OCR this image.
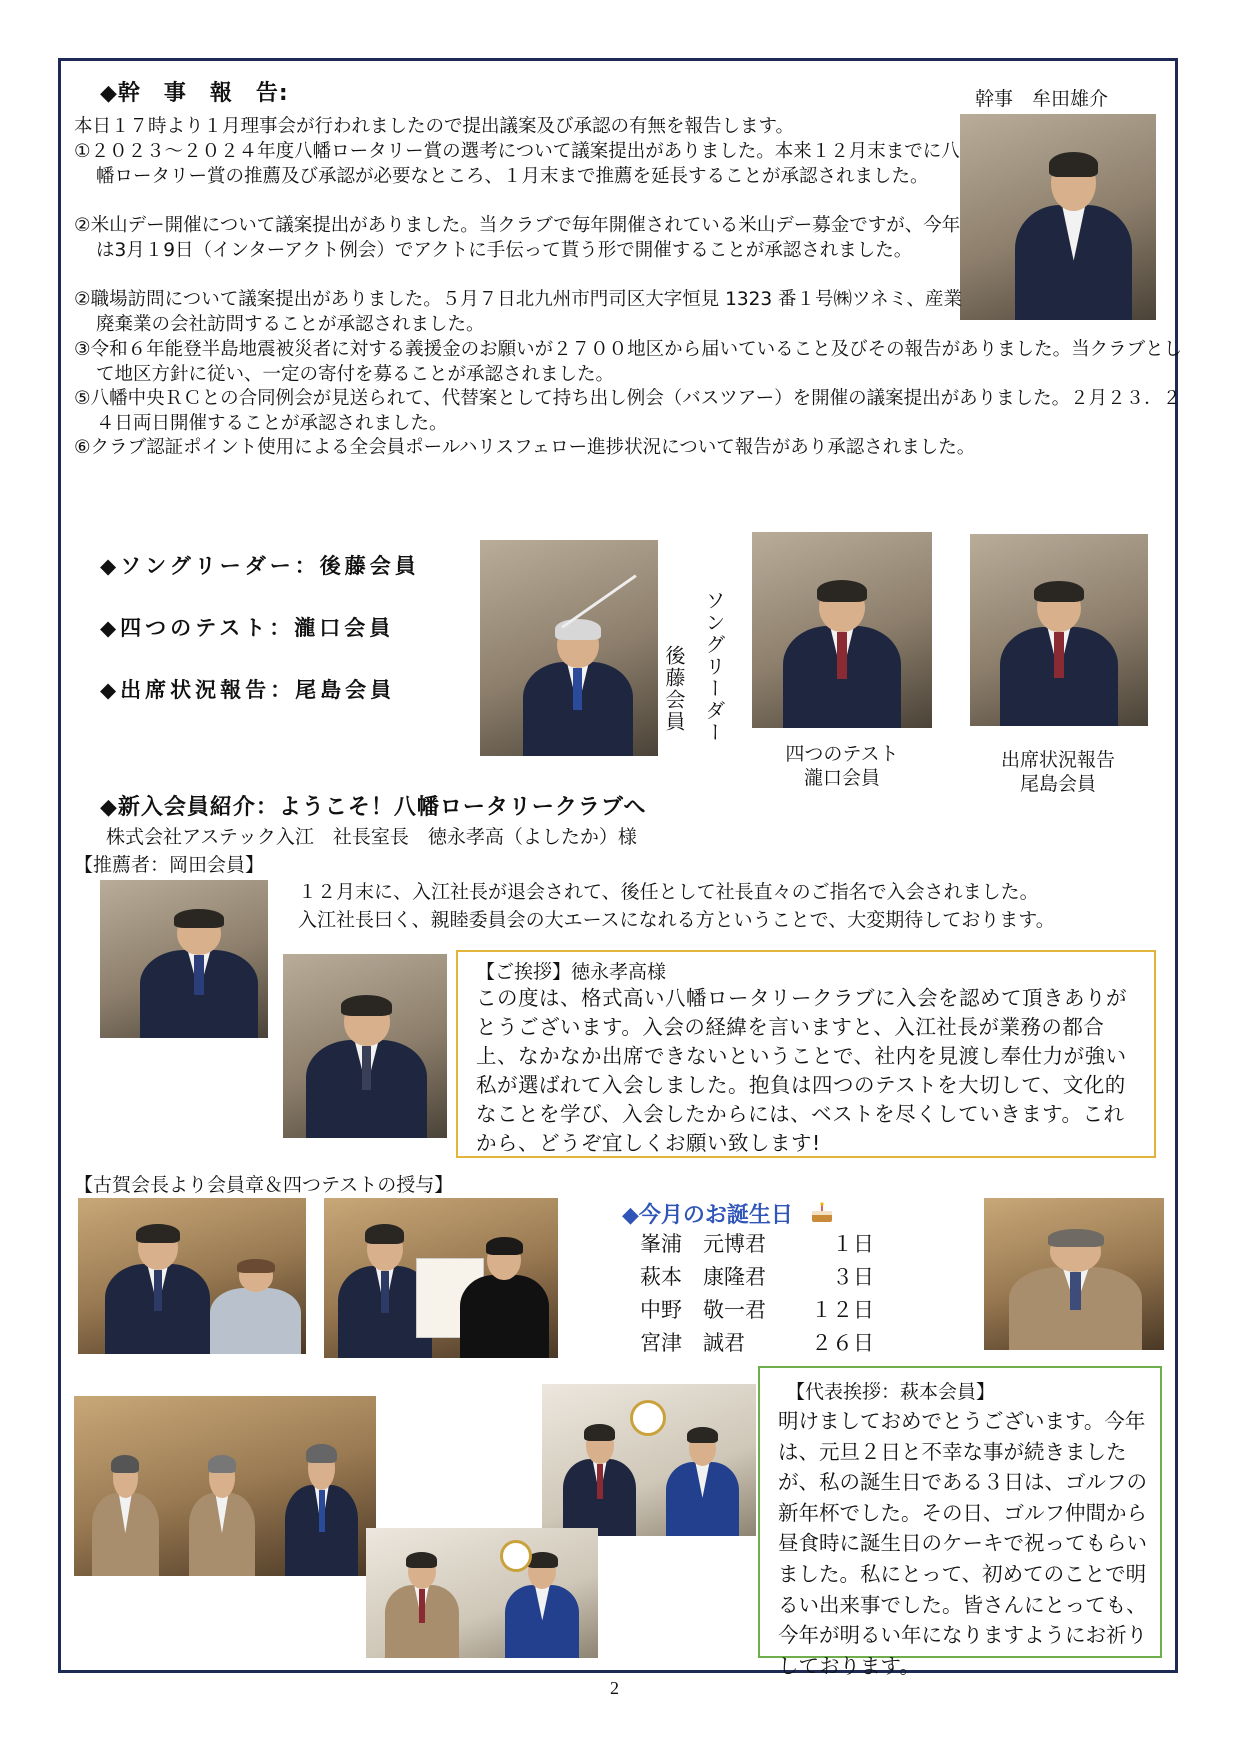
◆幹　事　報　告:	幹事　牟田雄介
本日１７時より１月理事会が行われましたので提出議案及び承認の有無を報告します。
①２０２３～２０２４年度八幡ロータリー賞の選考について議案提出がありました。本来１２月末までに八幡ロータリー賞の推薦及び承認が必要なところ、１月末まで推薦を延長することが承認されました。
②米山デー開催について議案提出がありました。当クラブで毎年開催されている米山デー募金ですが、今年は3月１9日（インターアクト例会）でアクトに手伝って貰う形で開催することが承認されました。
②職場訪問について議案提出がありました。５月７日北九州市門司区大字恒見 1323 番１号㈱ツネミ、産業廃棄業の会社訪問することが承認されました。
③令和６年能登半島地震被災者に対する義援金のお願いが２７００地区から届いていること及びその報告がありました。当クラブとして地区方針に従い、一定の寄付を募ることが承認されました。
⑤八幡中央ＲＣとの合同例会が見送られて、代替案として持ち出し例会（バスツアー）を開催の議案提出がありました。２月２３．２４日両日開催することが承認されました。
⑥クラブ認証ポイント使用による全会員ポールハリスフェロー進捗状況について報告があり承認されました。
◆ソングリーダー：後藤会員
◆四つのテスト：瀧口会員
◆出席状況報告：尾島会員	後藤会員 ソングリーダー
四つのテスト
瀧口会員
出席状況報告
尾島会員
◆新入会員紹介：ようこそ！八幡ロータリークラブへ
株式会社アステック入江　社長室長　徳永孝高（よしたか）様
【推薦者：岡田会員】
１２月末に、入江社長が退会されて、後任として社長直々のご指名で入会されました。
入江社長曰く、親睦委員会の大エースになれる方ということで、大変期待しております。
【ご挨拶】徳永孝高様
この度は、格式高い八幡ロータリークラブに入会を認めて頂きありがとうございます。入会の経緯を言いますと、入江社長が業務の都合上、なかなか出席できないということで、社内を見渡し奉仕力が強い私が選ばれて入会しました。抱負は四つのテストを大切して、文化的なことを学び、入会したからには、ベストを尽くしていきます。これから、どうぞ宜しくお願い致します!
【古賀会長より会員章＆四つテストの授与】
◆今月のお誕生日
峯浦　元博君	１日
萩本　康隆君	３日
中野　敬一君 １２日
宮津　誠君	２６日
【代表挨拶：萩本会員】
明けましておめでとうございます。今年は、元旦２日と不幸な事が続きましたが、私の誕生日である３日は、ゴルフの新年杯でした。その日、ゴルフ仲間から昼食時に誕生日のケーキで祝ってもらいました。私にとって、初めてのことで明るい出来事でした。皆さんにとっても、今年が明るい年になりますようにお祈りしております。
2
